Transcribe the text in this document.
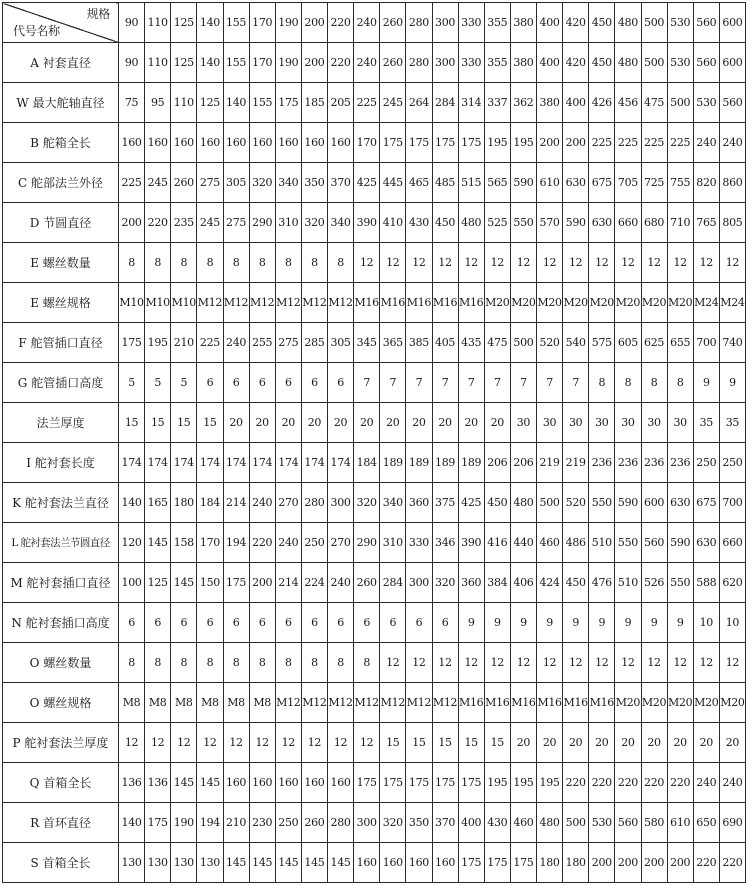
规格
代号名称	90	110	125	140	155	170	190	200	220	240	260	280	300	330	355	380	400	420	450	480	500	530	560	600
A 衬套直径	90	110	125	140	155	170	190	200	220	240	260	280	300	330	355	380	400	420	450	480	500	530	560	600
W 最大舵轴直径	75	95	110	125	140	155	175	185	205	225	245	264	284	314	337	362	380	400	426	456	475	500	530	560
B 舵箱全长	160	160	160	160	160	160	160	160	160	170	175	175	175	175	195	195	200	200	225	225	225	225	240	240
C 舵部法兰外径	225	245	260	275	305	320	340	350	370	425	445	465	485	515	565	590	610	630	675	705	725	755	820	860
D 节圆直径	200	220	235	245	275	290	310	320	340	390	410	430	450	480	525	550	570	590	630	660	680	710	765	805
E 螺丝数量	8	8	8	8	8	8	8	8	8	12	12	12	12	12	12	12	12	12	12	12	12	12	12	12
E 螺丝规格	M10	M10	M10	M12	M12	M12	M12	M12	M12	M16	M16	M16	M16	M16	M20	M20	M20	M20	M20	M20	M20	M20	M24	M24
F 舵管插口直径	175	195	210	225	240	255	275	285	305	345	365	385	405	435	475	500	520	540	575	605	625	655	700	740
G 舵管插口高度	5	5	5	6	6	6	6	6	6	7	7	7	7	7	7	7	7	7	8	8	8	8	9	9
法兰厚度	15	15	15	15	20	20	20	20	20	20	20	20	20	20	20	30	30	30	30	30	30	30	35	35
I 舵衬套长度	174	174	174	174	174	174	174	174	174	184	189	189	189	189	206	206	219	219	236	236	236	236	250	250
K 舵衬套法兰直径	140	165	180	184	214	240	270	280	300	320	340	360	375	425	450	480	500	520	550	590	600	630	675	700
L 舵衬套法兰节圆直径	120	145	158	170	194	220	240	250	270	290	310	330	346	390	416	440	460	486	510	550	560	590	630	660
M 舵衬套插口直径	100	125	145	150	175	200	214	224	240	260	284	300	320	360	384	406	424	450	476	510	526	550	588	620
N 舵衬套插口高度	6	6	6	6	6	6	6	6	6	6	6	6	6	9	9	9	9	9	9	9	9	9	10	10
O 螺丝数量	8	8	8	8	8	8	8	8	8	8	12	12	12	12	12	12	12	12	12	12	12	12	12	12
O 螺丝规格	M8	M8	M8	M8	M8	M8	M12	M12	M12	M12	M12	M12	M12	M16	M16	M16	M16	M16	M16	M20	M20	M20	M20	M20
P 舵衬套法兰厚度	12	12	12	12	12	12	12	12	12	12	15	15	15	15	15	20	20	20	20	20	20	20	20	20
Q 首箱全长	136	136	145	145	160	160	160	160	160	175	175	175	175	175	195	195	195	220	220	220	220	220	240	240
R 首环直径	140	175	190	194	210	230	250	260	280	300	320	350	370	400	430	460	480	500	530	560	580	610	650	690
S 首箱全长	130	130	130	130	145	145	145	145	145	160	160	160	160	175	175	175	180	180	200	200	200	200	220	220
